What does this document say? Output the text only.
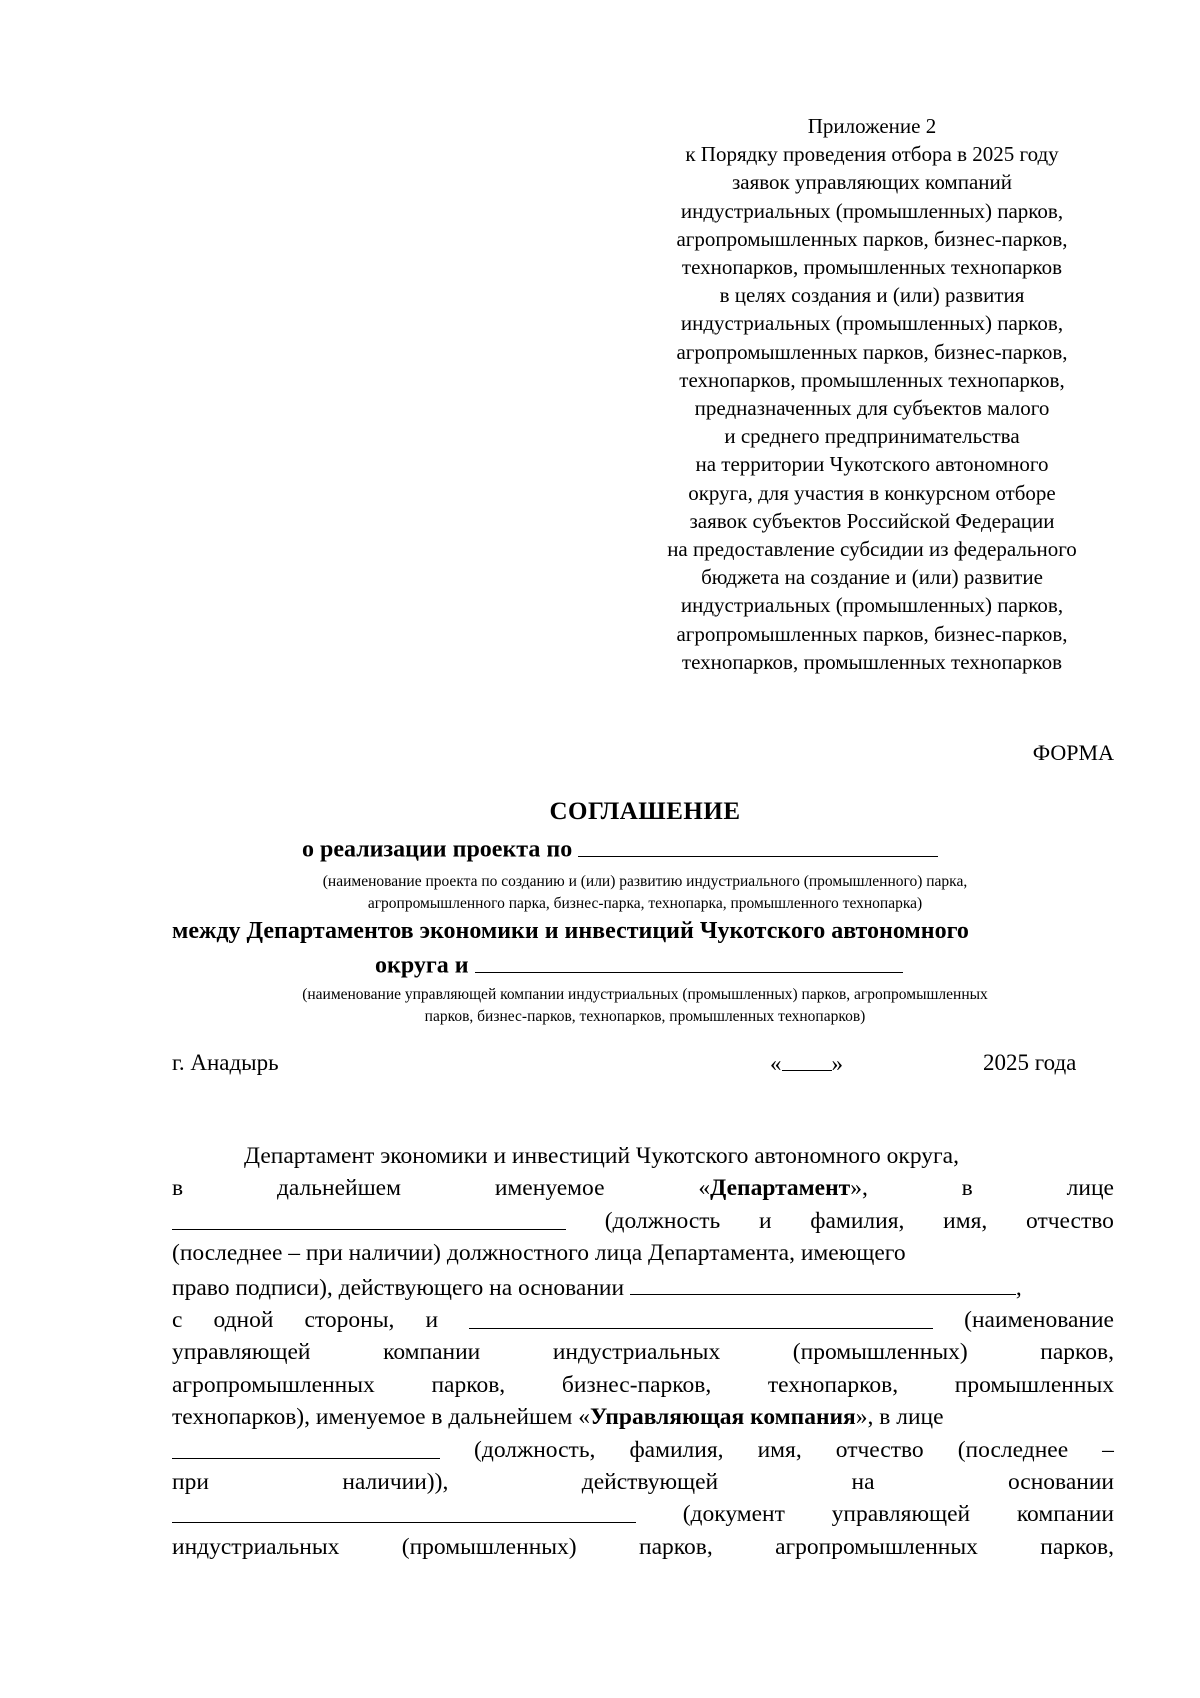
Приложение 2
к Порядку проведения отбора в 2025 году
заявок управляющих компаний
индустриальных (промышленных) парков,
агропромышленных парков, бизнес-парков,
технопарков, промышленных технопарков
в целях создания и (или) развития
индустриальных (промышленных) парков,
агропромышленных парков, бизнес-парков,
технопарков, промышленных технопарков,
предназначенных для субъектов малого
и среднего предпринимательства
на территории Чукотского автономного
округа, для участия в конкурсном отборе
заявок субъектов Российской Федерации
на предоставление субсидии из федерального
бюджета на создание и (или) развитие
индустриальных (промышленных) парков,
агропромышленных парков, бизнес-парков,
технопарков, промышленных технопарков
ФОРМА
СОГЛАШЕНИЕ
о реализации проекта по
(наименование проекта по созданию и (или) развитию индустриального (промышленного) парка,
агропромышленного парка, бизнес-парка, технопарка, промышленного технопарка)
между Департаментов экономики и инвестиций Чукотского автономного
округа и
(наименование управляющей компании индустриальных (промышленных) парков, агропромышленных
парков, бизнес-парков, технопарков, промышленных технопарков)
г. Анадырь	« »	2025 года
Департамент экономики и инвестиций Чукотского автономного округа,
в	дальнейшем	именуемое	«Департамент»,	в	лице
(должность и фамилия, имя, отчество
(последнее – при наличии) должностного лица Департамента, имеющего
право подписи), действующего на основании	,
с одной стороны, и	(наименование
управляющей	компании	индустриальных	(промышленных)	парков,
агропромышленных парков, бизнес-парков, технопарков, промышленных
технопарков), именуемое в дальнейшем «Управляющая компания», в лице
(должность, фамилия, имя, отчество (последнее –
при	наличии)),	действующей	на	основании
(документ управляющей компании
индустриальных	(промышленных)	парков,	агропромышленных	парков,
